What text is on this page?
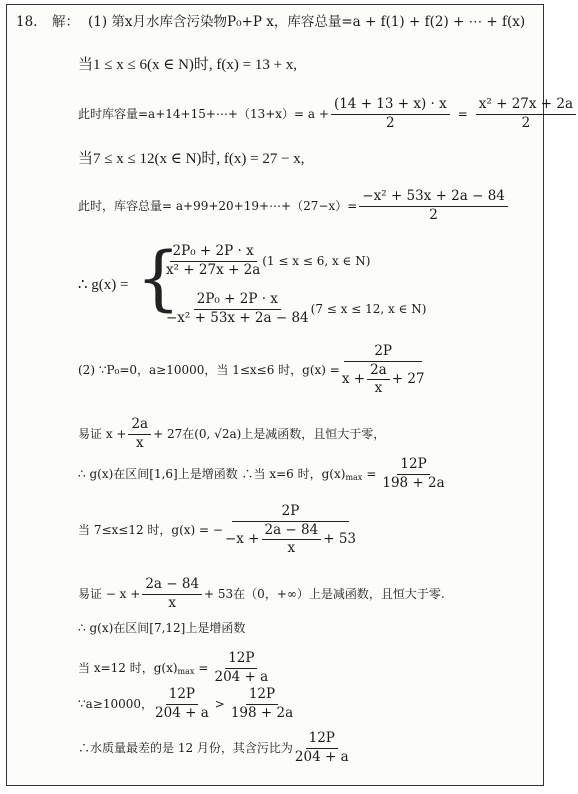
18. 解： (1) 第x月水库含污染物P₀+P x，库容总量=a + f(1) + f(2) + ⋯ + f(x)
当1 ≤ x ≤ 6(x ∈ N)时, f(x) = 13 + x,
此时库容量=a+14+15+⋯+（13+x）= $a + \frac{(14 + 13 + x) \cdot x}{2} = \frac{\text{x² + 27x + 2a}}{2}$
当7 ≤ x ≤ 12(x ∈ N)时, f(x) = 27 − x,
此时，库容总量= a+99+20+19+⋯+（27−x）= $\frac{\text{−x² + 53x + 2a − 84}}{2}$
∴ g(x) = {
$\frac{\text{2P₀ + 2P · x}}{\text{x² + 27x + 2a}} (1 \le x \le 6$, x ∈ N)
$\frac{\text{2P₀ + 2P · x}}{\text{−x² + 53x + 2a − 84}} (7 \le x \le 12$, x ∈ N)
(2) ∵P₀=0，a≥10000，当 1≤x≤6 时，$g(x) = \frac{2P}{x + \frac{2a}{x} + 27}$
易证 $x + \frac{2a}{x} + 27$在(0, √2a)上是减函数，且恒大于零，
∴ g(x)在区间[1,6]上是增函数 ∴当 x=6 时，g(x) $\max = \frac{12P}{198 + 2a}$
当 7≤x≤12 时，g(x) = − $\frac{2P}{-x + \frac{2a - 84}{x} + 53}$
易证 − $x + \frac{2a - 84}{x} + 53$在（0，+∞）上是减函数，且恒大于零.
∴ g(x)在区间[7,12]上是增函数
当 x=12 时，g(x) $\max = \frac{12P}{204 + a}$
∵a≥10000， $\frac{12P}{204 + a} > \frac{12P}{198 + 2a}$
∴水质量最差的是 12 月份，其含污比为 $\frac{12P}{204 + a}$
